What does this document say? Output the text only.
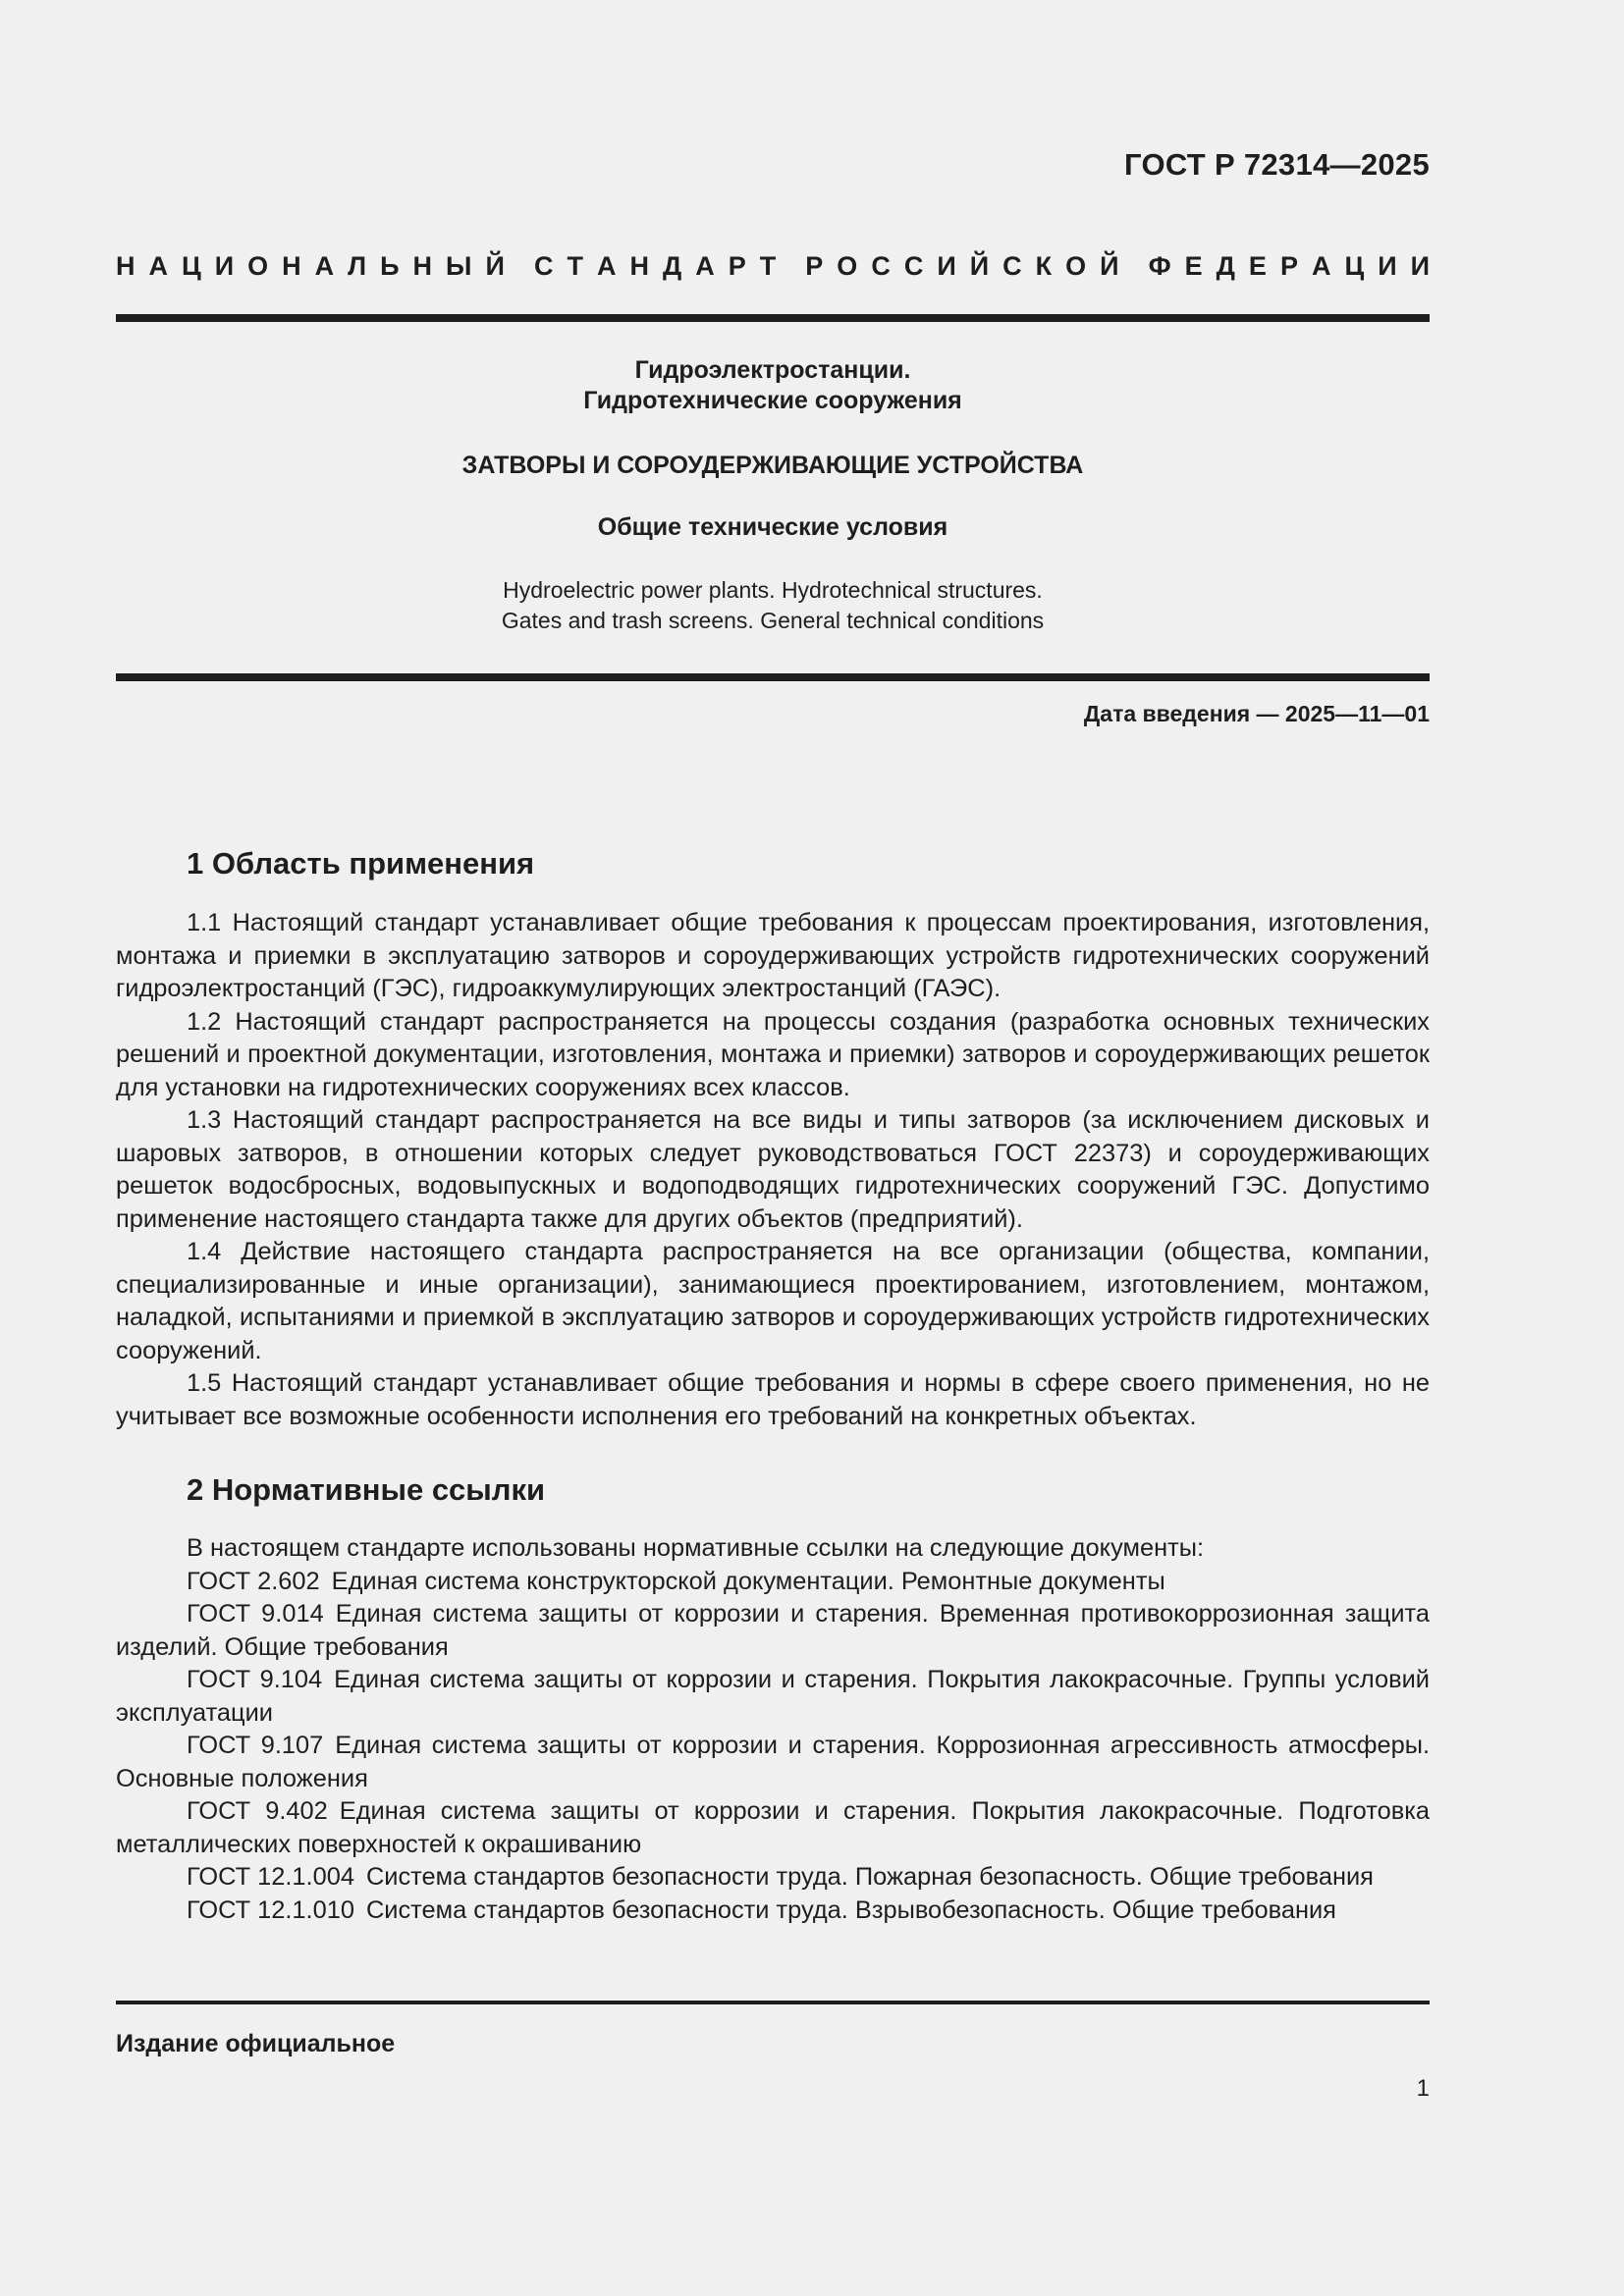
ГОСТ Р 72314—2025
Н А Ц И О Н А Л Ь Н Ы Й С Т А Н Д А Р Т Р О С С И Й С К О Й Ф Е Д Е Р А Ц И И
Гидроэлектростанции.
Гидротехнические сооружения
ЗАТВОРЫ И СОРОУДЕРЖИВАЮЩИЕ УСТРОЙСТВА
Общие технические условия
Hydroelectric power plants. Hydrotechnical structures.
Gates and trash screens. General technical conditions
Дата введения — 2025—11—01
1 Область применения

1.1 Настоящий стандарт устанавливает общие требования к процессам проектирования, изготовления, монтажа и приемки в эксплуатацию затворов и сороудерживающих устройств гидротехнических сооружений гидроэлектростанций (ГЭС), гидроаккумулирующих электростанций (ГАЭС).

1.2 Настоящий стандарт распространяется на процессы создания (разработка основных технических решений и проектной документации, изготовления, монтажа и приемки) затворов и сороудерживающих решеток для установки на гидротехнических сооружениях всех классов.

1.3 Настоящий стандарт распространяется на все виды и типы затворов (за исключением дисковых и шаровых затворов, в отношении которых следует руководствоваться ГОСТ 22373) и сороудерживающих решеток водосбросных, водовыпускных и водоподводящих гидротехнических сооружений ГЭС. Допустимо применение настоящего стандарта также для других объектов (предприятий).

1.4 Действие настоящего стандарта распространяется на все организации (общества, компании, специализированные и иные организации), занимающиеся проектированием, изготовлением, монтажом, наладкой, испытаниями и приемкой в эксплуатацию затворов и сороудерживающих устройств гидротехнических сооружений.

1.5 Настоящий стандарт устанавливает общие требования и нормы в сфере своего применения, но не учитывает все возможные особенности исполнения его требований на конкретных объектах.

2 Нормативные ссылки

В настоящем стандарте использованы нормативные ссылки на следующие документы:

ГОСТ 2.602 Единая система конструкторской документации. Ремонтные документы

ГОСТ 9.014 Единая система защиты от коррозии и старения. Временная противокоррозионная защита изделий. Общие требования

ГОСТ 9.104 Единая система защиты от коррозии и старения. Покрытия лакокрасочные. Группы условий эксплуатации

ГОСТ 9.107 Единая система защиты от коррозии и старения. Коррозионная агрессивность атмосферы. Основные положения

ГОСТ 9.402 Единая система защиты от коррозии и старения. Покрытия лакокрасочные. Подготовка металлических поверхностей к окрашиванию

ГОСТ 12.1.004 Система стандартов безопасности труда. Пожарная безопасность. Общие требования

ГОСТ 12.1.010 Система стандартов безопасности труда. Взрывобезопасность. Общие требования

Издание официальное
1
